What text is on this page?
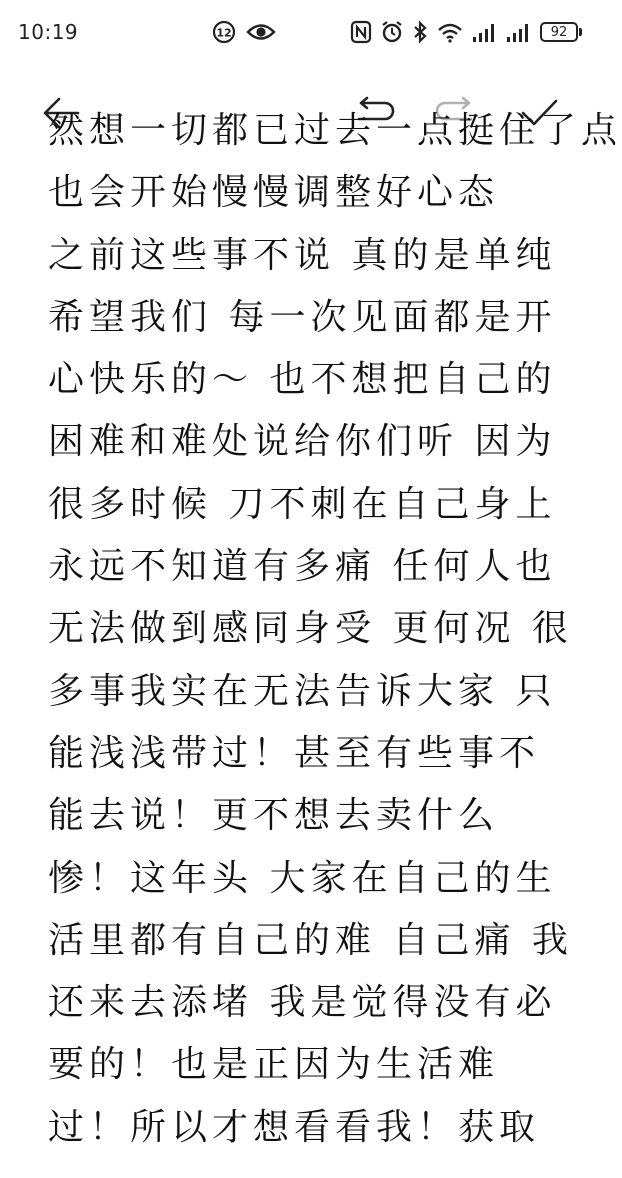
10:19	12	92
然想一切都已过去一点挺住了点
也会开始慢慢调整好心态
之前这些事不说 真的是单纯
希望我们 每一次见面都是开
心快乐的～ 也不想把自己的
困难和难处说给你们听 因为
很多时候 刀不刺在自己身上
永远不知道有多痛 任何人也
无法做到感同身受 更何况 很
多事我实在无法告诉大家 只
能浅浅带过！甚至有些事不
能去说！更不想去卖什么
惨！这年头 大家在自己的生
活里都有自己的难 自己痛 我
还来去添堵 我是觉得没有必
要的！也是正因为生活难
过！所以才想看看我！获取
